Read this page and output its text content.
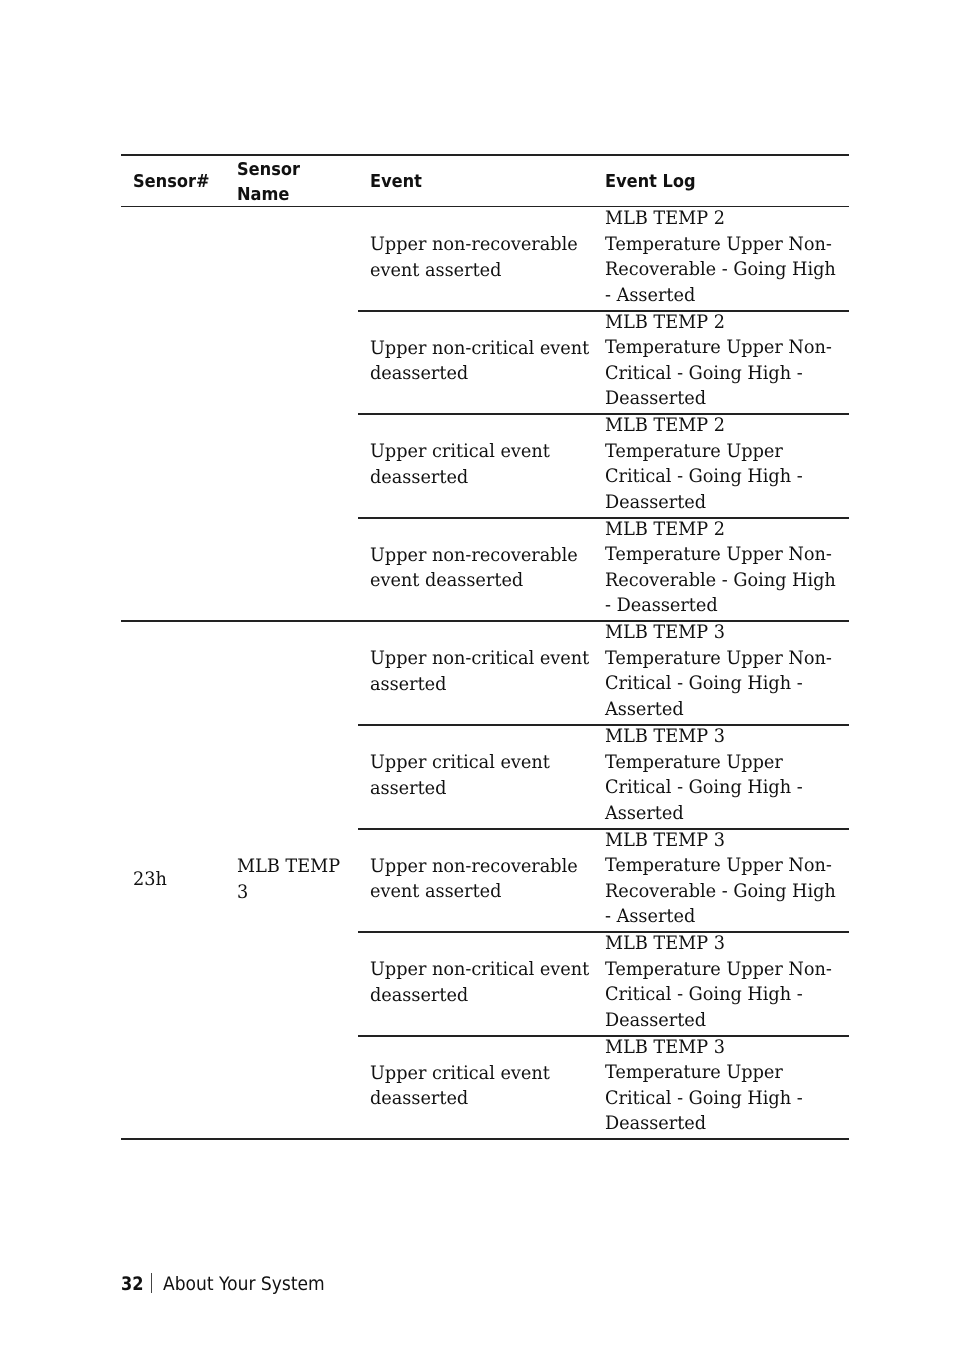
Sensor#
Sensor
Name
Event	Event Log
Upper non-recoverable
event asserted
MLB TEMP 2
Temperature Upper Non-
Recoverable - Going High
- Asserted
Upper non-critical event
deasserted
MLB TEMP 2
Temperature Upper Non-
Critical - Going High -
Deasserted
Upper critical event
deasserted
MLB TEMP 2
Temperature Upper
Critical - Going High -
Deasserted
Upper non-recoverable
event deasserted
MLB TEMP 2
Temperature Upper Non-
Recoverable - Going High
- Deasserted
Upper non-critical event
asserted
MLB TEMP 3
Temperature Upper Non-
Critical - Going High -
Asserted
Upper critical event
asserted
MLB TEMP 3
Temperature Upper
Critical - Going High -
Asserted
Upper non-recoverable
event asserted
MLB TEMP 3
Temperature Upper Non-
Recoverable - Going High
- Asserted
Upper non-critical event
deasserted
MLB TEMP 3
Temperature Upper Non-
Critical - Going High -
Deasserted
Upper critical event
deasserted
MLB TEMP 3
Temperature Upper
Critical - Going High -
Deasserted
23h
MLB TEMP
3
32 About Your System
